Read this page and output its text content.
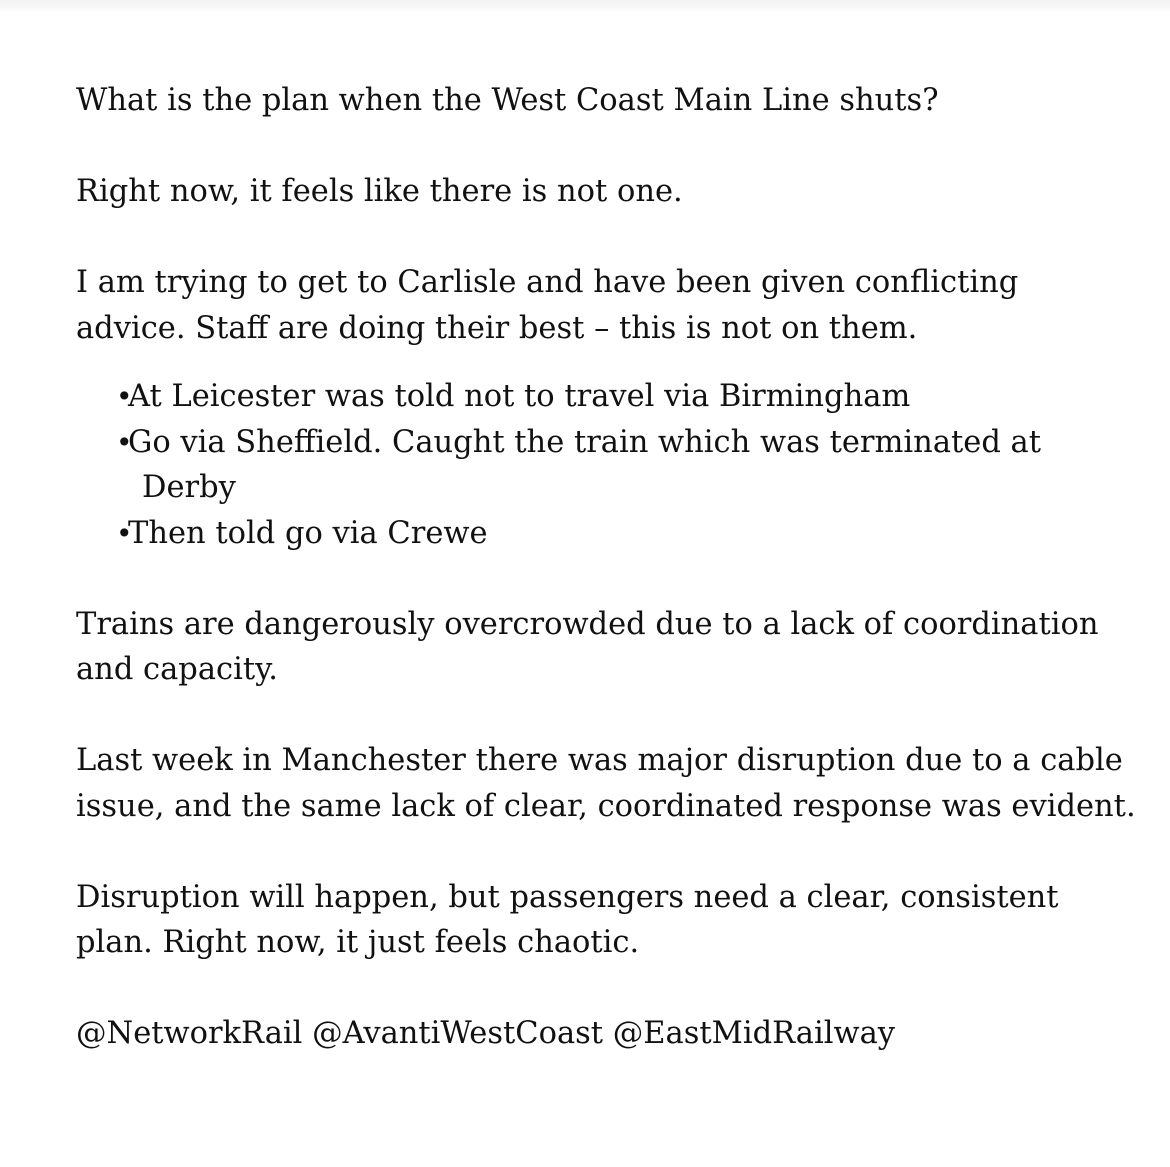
What is the plan when the West Coast Main Line shuts?

Right now, it feels like there is not one.

I am trying to get to Carlisle and have been given conflicting advice. Staff are doing their best – this is not on them.

•
At Leicester was told not to travel via Birmingham
•
Go via Sheffield. Caught the train which was terminated at Derby
•
Then told go via Crewe

Trains are dangerously overcrowded due to a lack of coordination and capacity.

Last week in Manchester there was major disruption due to a cable issue, and the same lack of clear, coordinated response was evident.

Disruption will happen, but passengers need a clear, consistent plan. Right now, it just feels chaotic.

@NetworkRail @AvantiWestCoast @EastMidRailway
